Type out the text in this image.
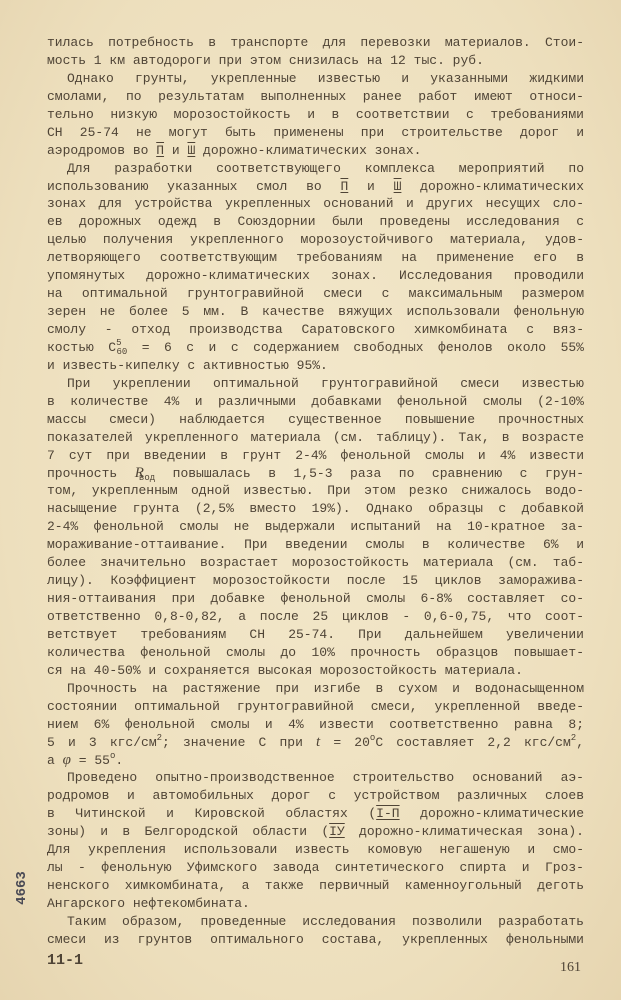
тилась потребность в транспорте для перевозки материалов. Стои-
мость 1 км автодороги при этом снизилась на 12 тыс. руб.
Однако грунты, укрепленные известью и указанными жидкими
смолами, по результатам выполненных ранее работ имеют относи-
тельно низкую морозостойкость и в соответствии с требованиями
СН 25-74 не могут быть применены при строительстве дорог и
аэродромов во П и Ш дорожно-климатических зонах.
Для разработки соответствующего комплекса мероприятий по
использованию указанных смол во П и Ш дорожно-климатических
зонах для устройства укрепленных оснований и других несущих сло-
ев дорожных одежд в Союздорнии были проведены исследования с
целью получения укрепленного морозоустойчивого материала, удов-
летворяющего соответствующим требованиям на применение его в
упомянутых дорожно-климатических зонах. Исследования проводили
на оптимальной грунтогравийной смеси с максимальным размером
зерен не более 5 мм. В качестве вяжущих использовали фенольную
смолу - отход производства Саратовского химкомбината с вяз-
костью $C^5_{60} = 6$ с и с содержанием свободных фенолов около 55%
и известь-кипелку с активностью 95%.
При укреплении оптимальной грунтогравийной смеси известью
в количестве 4% и различными добавками фенольной смолы (2-10%
массы смеси) наблюдается существенное повышение прочностных
показателей укрепленного материала (см. таблицу). Так, в возрасте
7 сут при введении в грунт 2-4% фенольной смолы и 4% извести
прочность $R_{вод}$ повышалась в 1,5-3 раза по сравнению с грун-
том, укрепленным одной известью. При этом резко снижалось водо-
насыщение грунта (2,5% вместо 19%). Однако образцы с добавкой
2-4% фенольной смолы не выдержали испытаний на 10-кратное за-
мораживание-оттаивание. При введении смолы в количестве 6% и
более значительно возрастает морозостойкость материала (см. таб-
лицу). Коэффициент морозостойкости после 15 циклов заморажива-
ния-оттаивания при добавке фенольной смолы 6-8% составляет со-
ответственно 0,8-0,82, а после 25 циклов - 0,6-0,75, что соот-
ветствует требованиям СН 25-74. При дальнейшем увеличении
количества фенольной смолы до 10% прочность образцов повышает-
ся на 40-50% и сохраняется высокая морозостойкость материала.
Прочность на растяжение при изгибе в сухом и водонасыщенном
состоянии оптимальной грунтогравийной смеси, укрепленной введе-
нием 6% фенольной смолы и 4% извести соответственно равна 8;
5 и 3 кгс/$см^2$; значение С при $t = 20^oС$ составляет 2,2 кгс/$см^2$,
а $\varphi = 55^o$.
Проведено опытно-производственное строительство оснований аэ-
родромов и автомобильных дорог с устройством различных слоев
в Читинской и Кировской областях (I-П дорожно-климатические
зоны) и в Белгородской области (IУ дорожно-климатическая зона).
Для укрепления использовали известь комовую негашеную и смо-
лы - фенольную Уфимского завода синтетического спирта и Гроз-
ненского химкомбината, а также первичный каменноугольный деготь
Ангарского нефтекомбината.
Таким образом, проведенные исследования позволили разработать
смеси из грунтов оптимального состава, укрепленных фенольными
4663
11-1	161
